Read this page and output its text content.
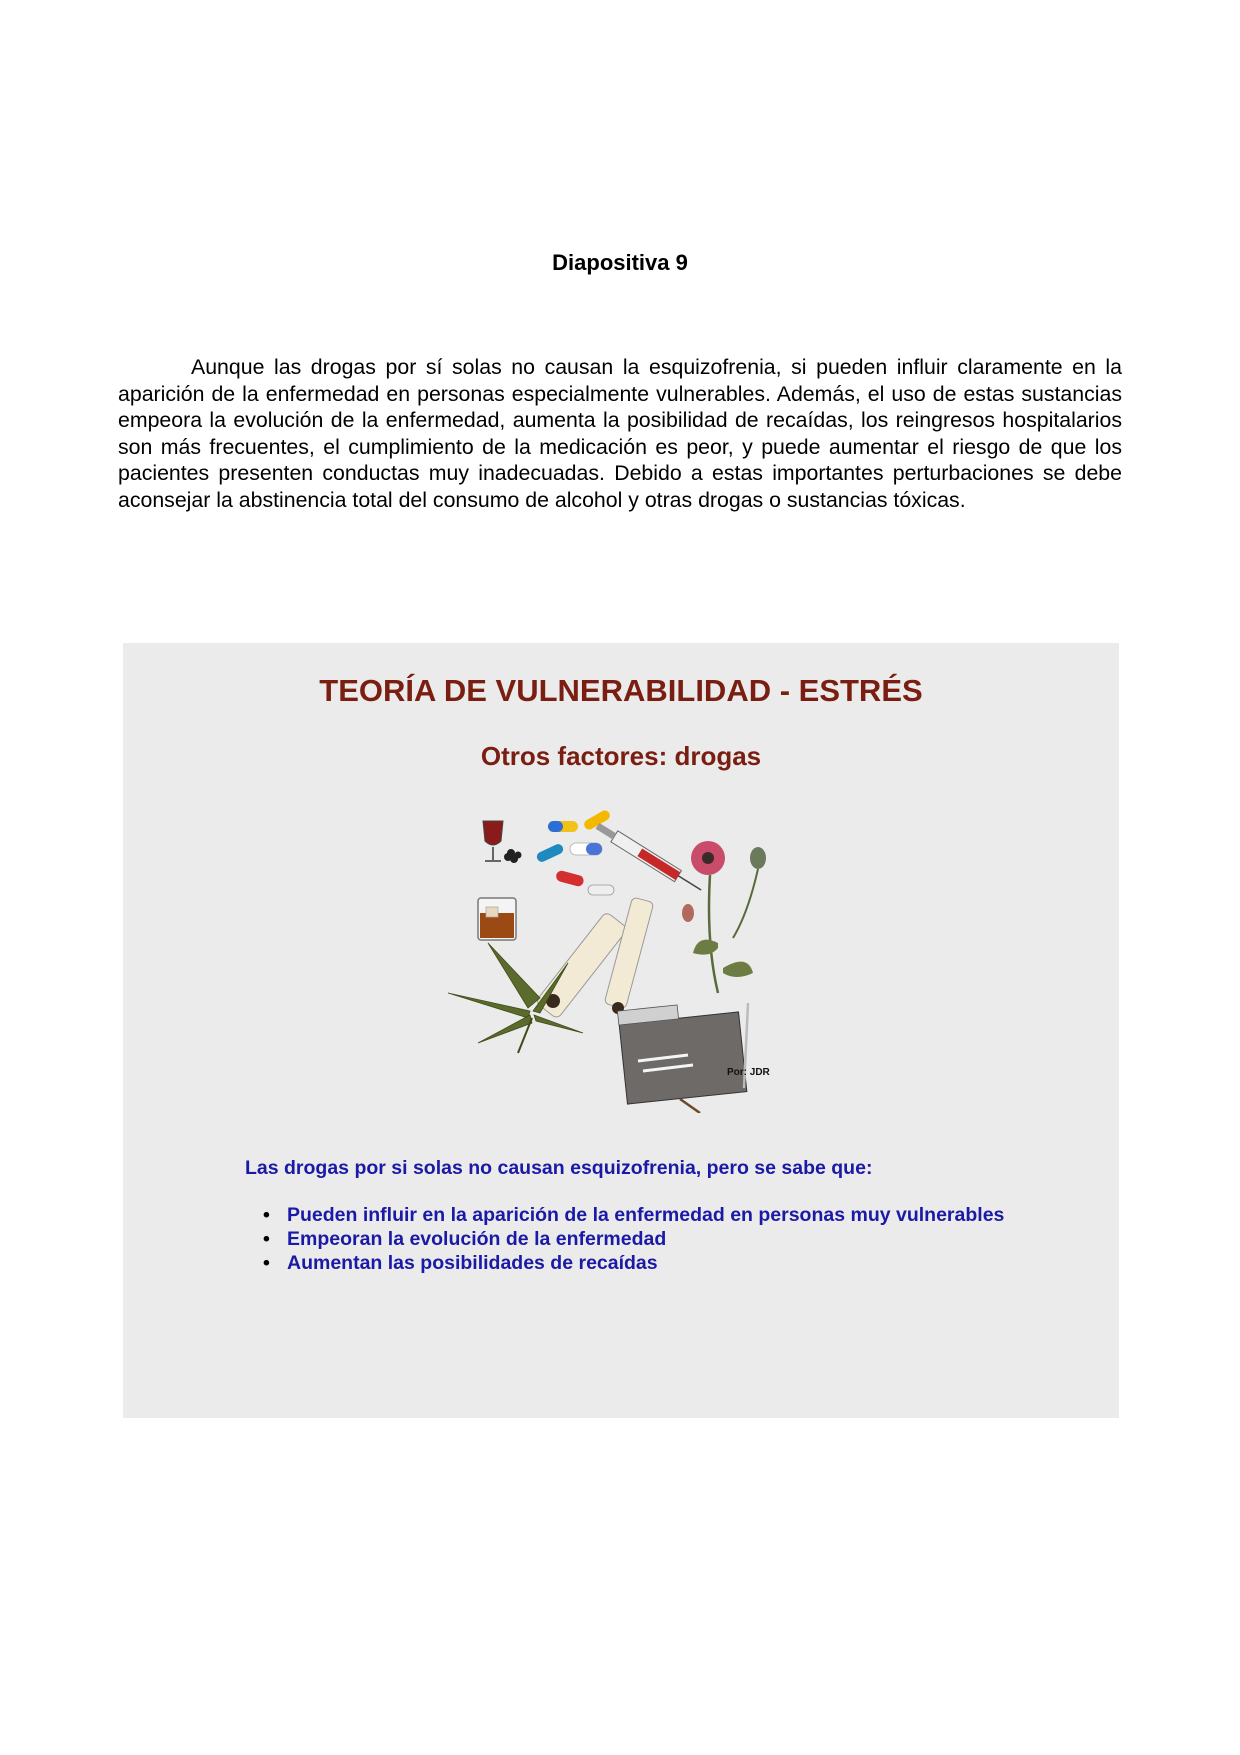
Diapositiva 9

Aunque las drogas por sí solas no causan la esquizofrenia, si pueden influir claramente en la aparición de la enfermedad en personas especialmente vulnerables. Además, el uso de estas sustancias empeora la evolución de la enfermedad, aumenta la posibilidad de recaídas, los reingresos hospitalarios son más frecuentes, el cumplimiento de la medicación es peor, y puede aumentar el riesgo de que los pacientes presenten conductas muy inadecuadas. Debido a estas importantes perturbaciones se debe aconsejar la abstinencia total del consumo de alcohol y otras drogas o sustancias tóxicas.

TEORÍA DE VULNERABILIDAD - ESTRÉS
Otros factores: drogas
Por: JDR
Las drogas por si solas no causan esquizofrenia, pero se sabe que:
• Pueden influir en la aparición de la enfermedad en personas muy vulnerables
• Empeoran la evolución de la enfermedad
• Aumentan las posibilidades de recaídas
